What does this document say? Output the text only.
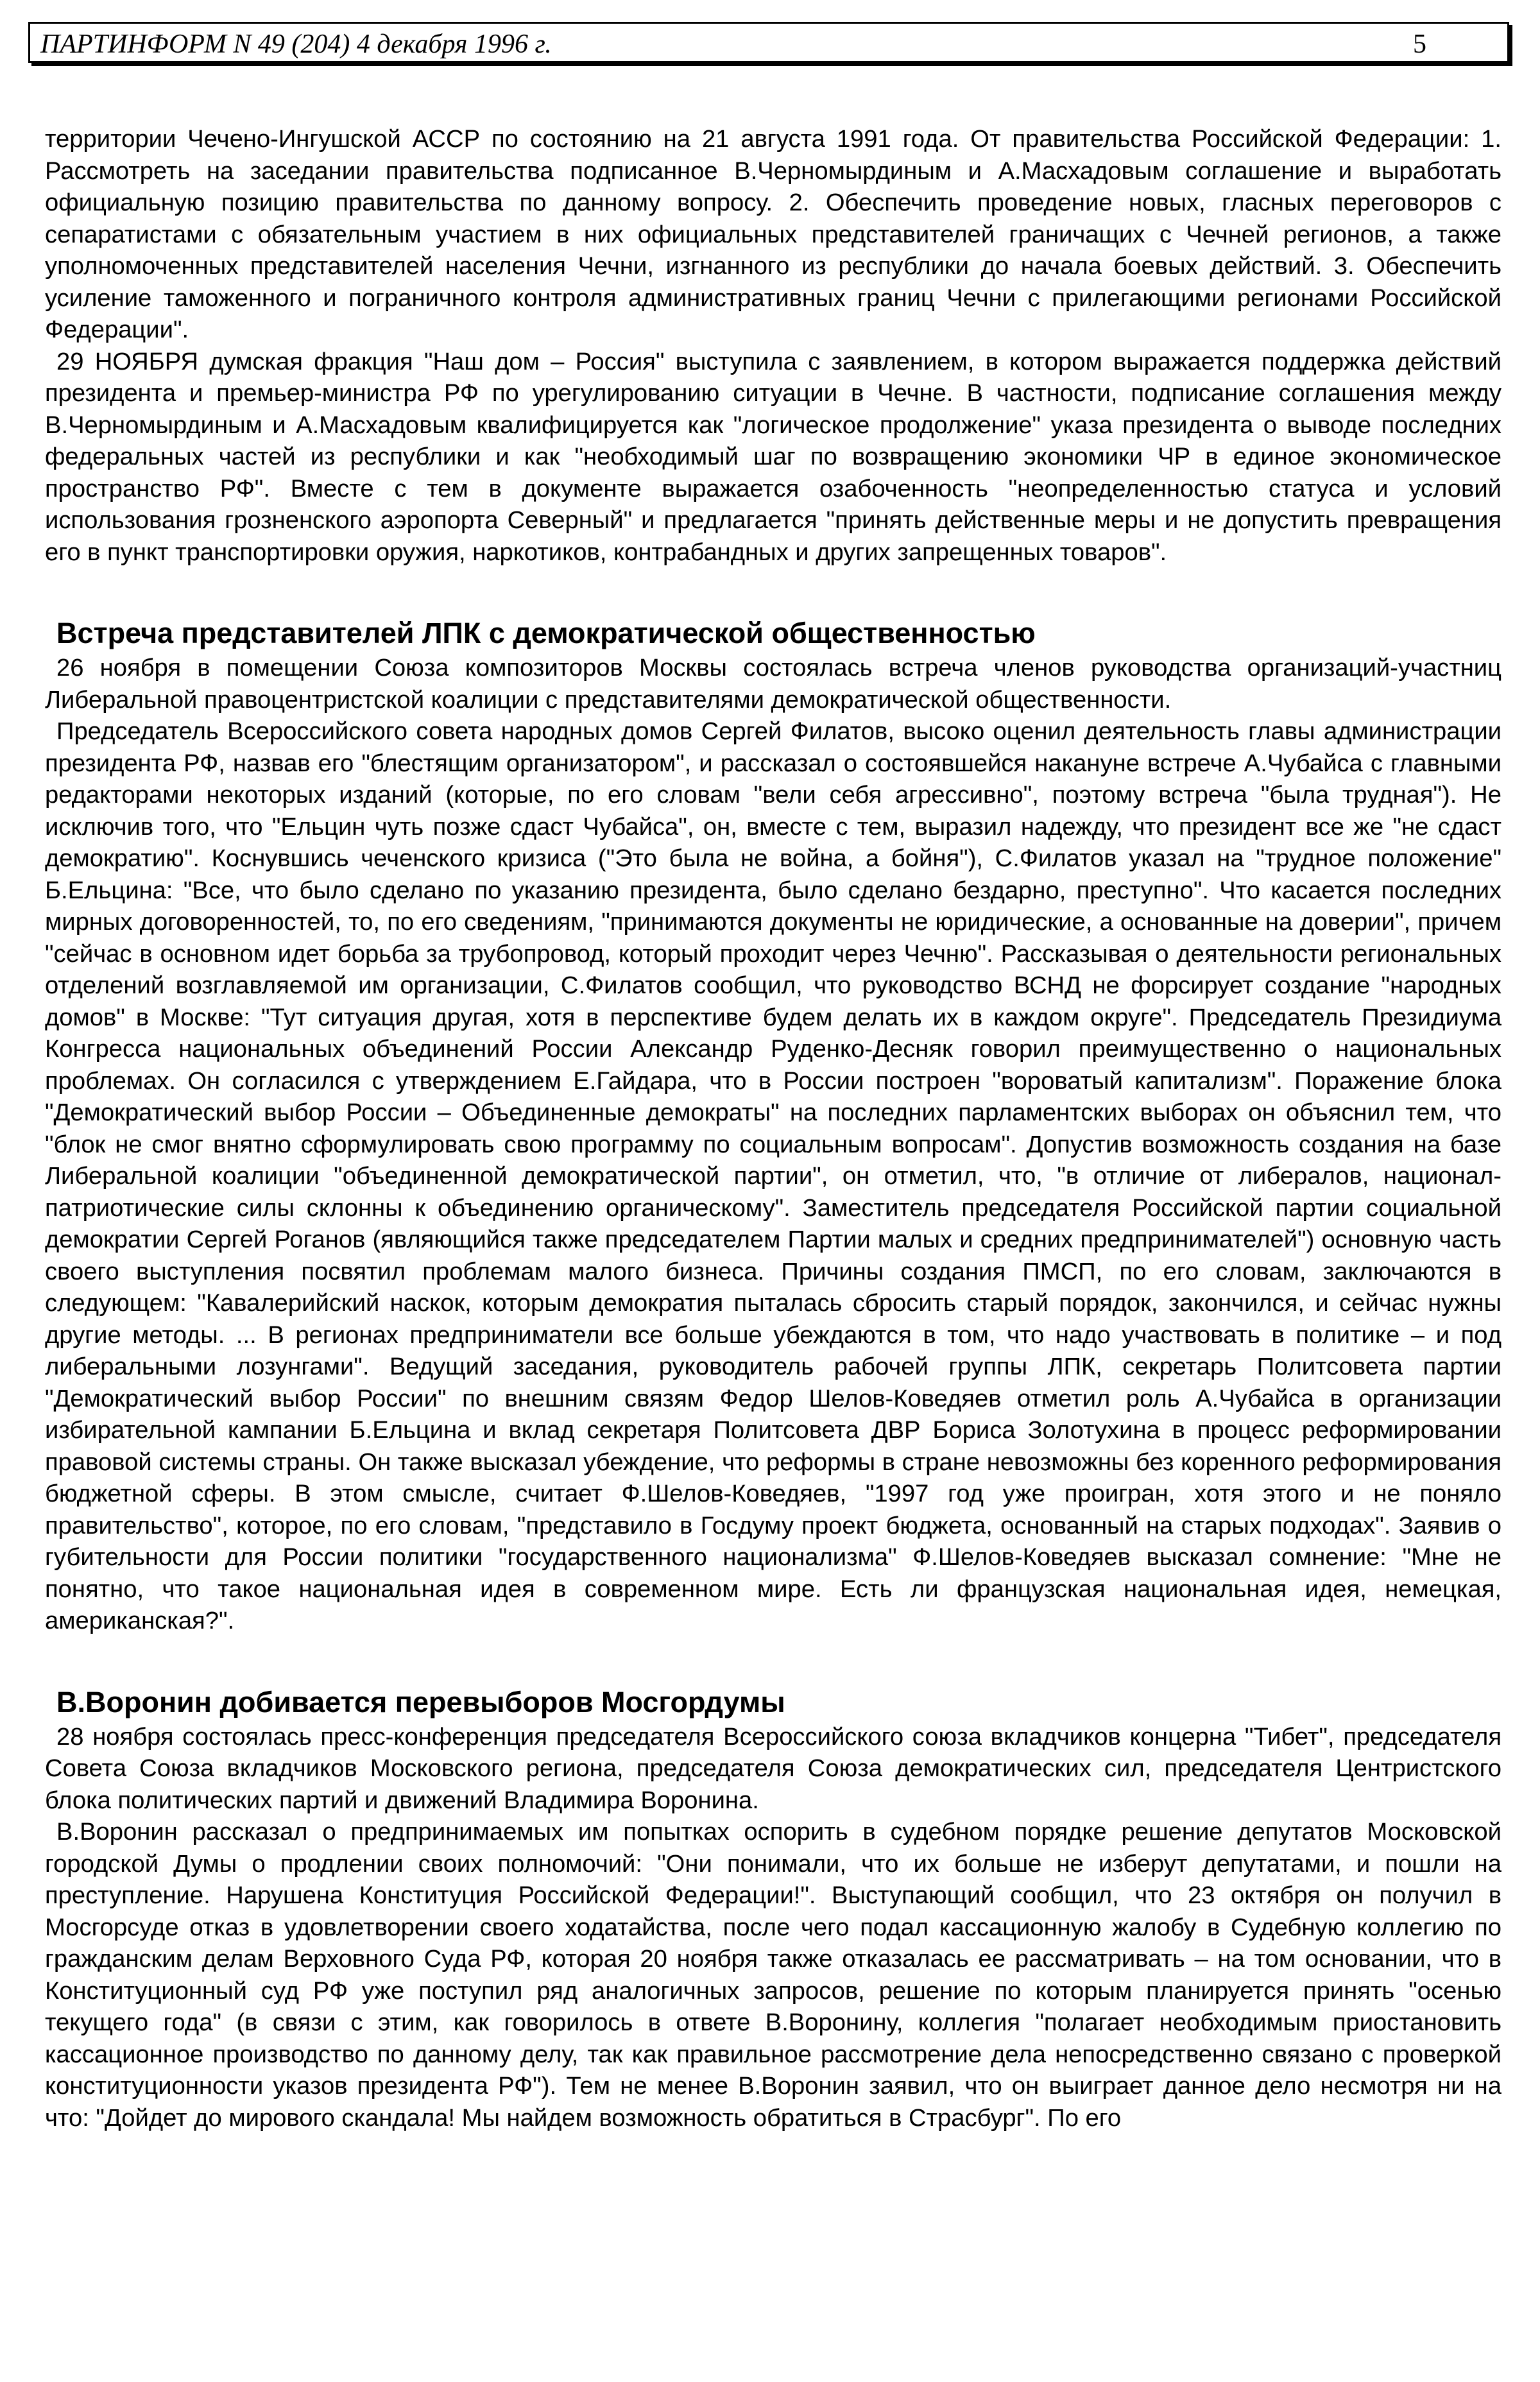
ПАРТИНФОРМ N 49 (204) 4 декабря 1996 г.	5

территории Чечено-Ингушской АССР по состоянию на 21 августа 1991 года. От правительства Российской Федерации: 1. Рассмотреть на заседании правительства подписанное В.Черномырдиным и А.Масхадовым соглашение и выработать официальную позицию правительства по данному вопросу. 2. Обеспечить проведение новых, гласных переговоров с сепаратистами с обязательным участием в них официальных представителей граничащих с Чечней регионов, а также уполномоченных представителей населения Чечни, изгнанного из республики до начала боевых действий. 3. Обеспечить усиление таможенного и пограничного контроля административных границ Чечни с прилегающими регионами Российской Федерации".

29 НОЯБРЯ думская фракция "Наш дом – Россия" выступила с заявлением, в котором выражается поддержка действий президента и премьер-министра РФ по урегулированию ситуации в Чечне. В частности, подписание соглашения между В.Черномырдиным и А.Масхадовым квалифицируется как "логическое продолжение" указа президента о выводе последних федеральных частей из республики и как "необходимый шаг по возвращению экономики ЧР в единое экономическое пространство РФ". Вместе с тем в документе выражается озабоченность "неопределенностью статуса и условий использования грозненского аэропорта Северный" и предлагается "принять действенные меры и не допустить превращения его в пункт транспортировки оружия, наркотиков, контрабандных и других запрещенных товаров".

Встреча представителей ЛПК с демократической общественностью

26 ноября в помещении Союза композиторов Москвы состоялась встреча членов руководства организаций-участниц Либеральной правоцентристской коалиции с представителями демократической общественности.

Председатель Всероссийского совета народных домов Сергей Филатов, высоко оценил деятельность главы администрации президента РФ, назвав его "блестящим организатором", и рассказал о состоявшейся накануне встрече А.Чубайса с главными редакторами некоторых изданий (которые, по его словам "вели себя агрессивно", поэтому встреча "была трудная"). Не исключив того, что "Ельцин чуть позже сдаст Чубайса", он, вместе с тем, выразил надежду, что президент все же "не сдаст демократию". Коснувшись чеченского кризиса ("Это была не война, а бойня"), С.Филатов указал на "трудное положение" Б.Ельцина: "Все, что было сделано по указанию президента, было сделано бездарно, преступно". Что касается последних мирных договоренностей, то, по его сведениям, "принимаются документы не юридические, а основанные на доверии", причем "сейчас в основном идет борьба за трубопровод, который проходит через Чечню". Рассказывая о деятельности региональных отделений возглавляемой им организации, С.Филатов сообщил, что руководство ВСНД не форсирует создание "народных домов" в Москве: "Тут ситуация другая, хотя в перспективе будем делать их в каждом округе". Председатель Президиума Конгресса национальных объединений России Александр Руденко-Десняк говорил преимущественно о национальных проблемах. Он согласился с утверждением Е.Гайдара, что в России построен "вороватый капитализм". Поражение блока "Демократический выбор России – Объединенные демократы" на последних парламентских выборах он объяснил тем, что "блок не смог внятно сформулировать свою программу по социальным вопросам". Допустив возможность создания на базе Либеральной коалиции "объединенной демократической партии", он отметил, что, "в отличие от либералов, национал-патриотические силы склонны к объединению органическому". Заместитель председателя Российской партии социальной демократии Сергей Роганов (являющийся также председателем Партии малых и средних предпринимателей") основную часть своего выступления посвятил проблемам малого бизнеса. Причины создания ПМСП, по его словам, заключаются в следующем: "Кавалерийский наскок, которым демократия пыталась сбросить старый порядок, закончился, и сейчас нужны другие методы. ... В регионах предприниматели все больше убеждаются в том, что надо участвовать в политике – и под либеральными лозунгами". Ведущий заседания, руководитель рабочей группы ЛПК, секретарь Политсовета партии "Демократический выбор России" по внешним связям Федор Шелов-Коведяев отметил роль А.Чубайса в организации избирательной кампании Б.Ельцина и вклад секретаря Политсовета ДВР Бориса Золотухина в процесс реформировании правовой системы страны. Он также высказал убеждение, что реформы в стране невозможны без коренного реформирования бюджетной сферы. В этом смысле, считает Ф.Шелов-Коведяев, "1997 год уже проигран, хотя этого и не поняло правительство", которое, по его словам, "представило в Госдуму проект бюджета, основанный на старых подходах". Заявив о губительности для России политики "государственного национализма" Ф.Шелов-Коведяев высказал сомнение: "Мне не понятно, что такое национальная идея в современном мире. Есть ли французская национальная идея, немецкая, американская?".

В.Воронин добивается перевыборов Мосгордумы

28 ноября состоялась пресс-конференция председателя Всероссийского союза вкладчиков концерна "Тибет", председателя Совета Союза вкладчиков Московского региона, председателя Союза демократических сил, председателя Центристского блока политических партий и движений Владимира Воронина.

В.Воронин рассказал о предпринимаемых им попытках оспорить в судебном порядке решение депутатов Московской городской Думы о продлении своих полномочий: "Они понимали, что их больше не изберут депутатами, и пошли на преступление. Нарушена Конституция Российской Федерации!". Выступающий сообщил, что 23 октября он получил в Мосгорсуде отказ в удовлетворении своего ходатайства, после чего подал кассационную жалобу в Судебную коллегию по гражданским делам Верховного Суда РФ, которая 20 ноября также отказалась ее рассматривать – на том основании, что в Конституционный суд РФ уже поступил ряд аналогичных запросов, решение по которым планируется принять "осенью текущего года" (в связи с этим, как говорилось в ответе В.Воронину, коллегия "полагает необходимым приостановить кассационное производство по данному делу, так как правильное рассмотрение дела непосредственно связано с проверкой конституционности указов президента РФ"). Тем не менее В.Воронин заявил, что он выиграет данное дело несмотря ни на что: "Дойдет до мирового скандала! Мы найдем возможность обратиться в Страсбург". По его
